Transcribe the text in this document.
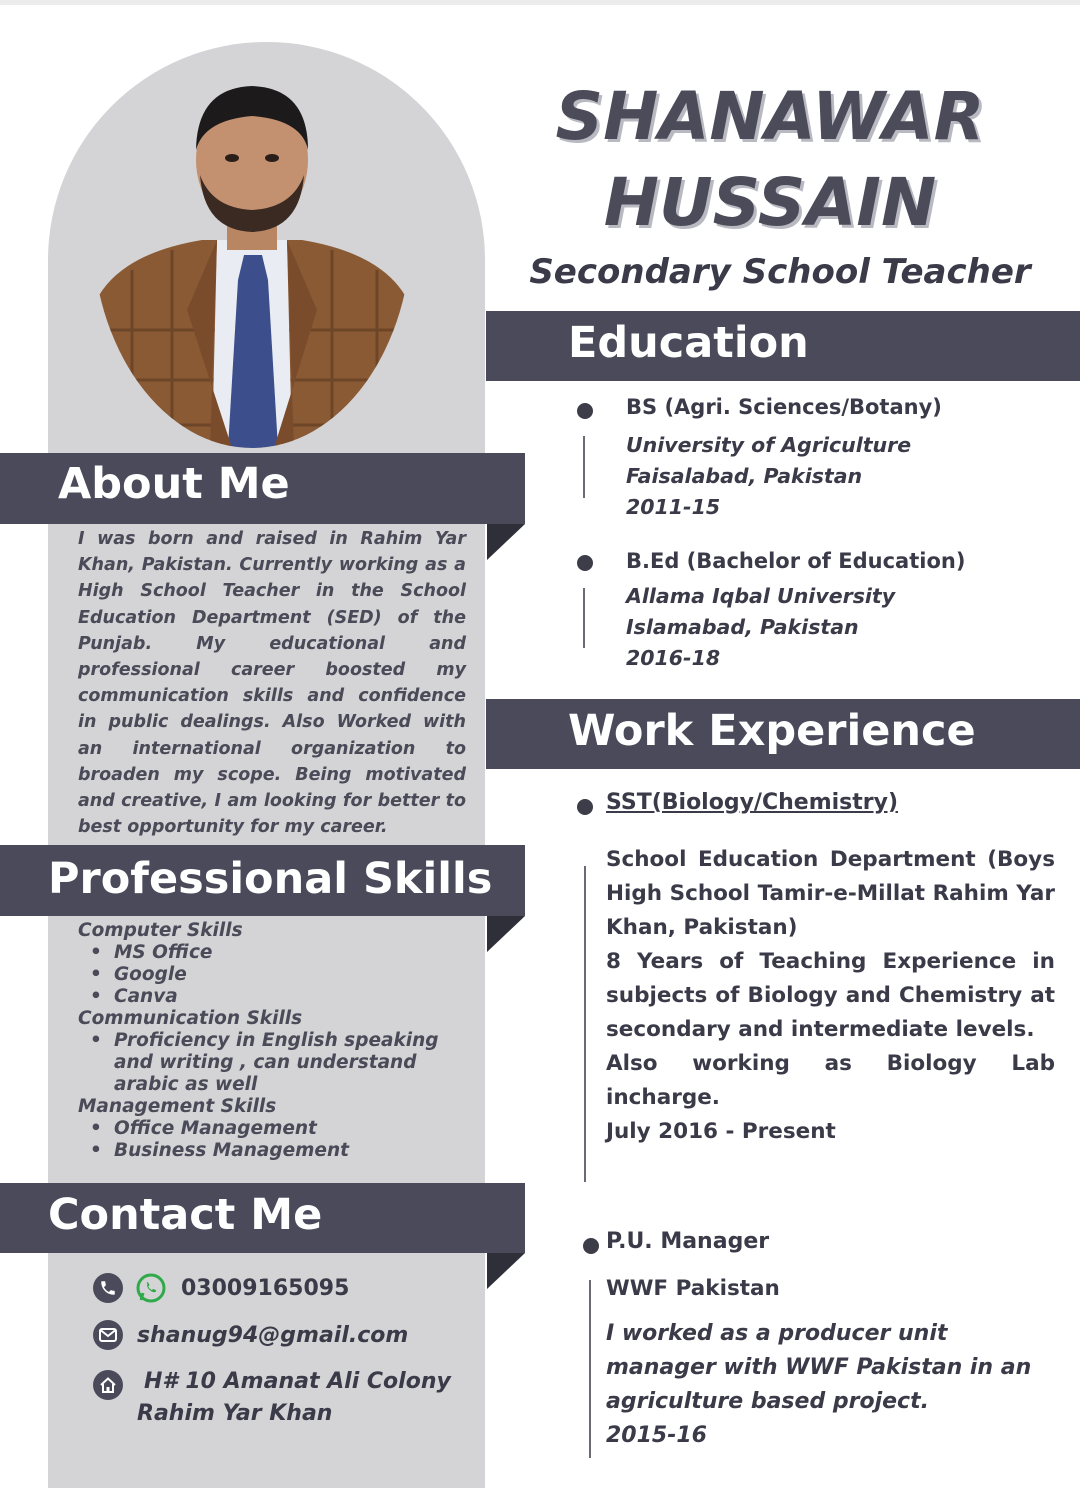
About Me
I was born and raised in Rahim Yar Khan, Pakistan. Currently working as a High School Teacher in the School Education Department (SED) of the Punjab. My educational and professional career boosted my communication skills and confidence in public dealings. Also Worked with an international organization to broaden my scope. Being motivated and creative, I am looking for better to best opportunity for my career.
Professional Skills
Computer Skills
• MS Office
• Google
• Canva
Communication Skills
• Proficiency in English speaking and writing , can understand arabic as well
Management Skills
• Office Management
• Business Management
Contact Me
03009165095
shanug94@gmail.com
H# 10 Amanat Ali Colony
Rahim Yar Khan
SHANAWAR
HUSSAIN
Secondary School Teacher
Education
BS (Agri. Sciences/Botany)
University of Agriculture
Faisalabad, Pakistan
2011-15
B.Ed (Bachelor of Education)
Allama Iqbal University
Islamabad, Pakistan
2016-18
Work Experience
SST(Biology/Chemistry)

School Education Department (Boys High School Tamir-e-Millat Rahim Yar Khan, Pakistan)

8 Years of Teaching Experience in subjects of Biology and Chemistry at secondary and intermediate levels.

Also working as Biology Lab incharge.

July 2016 - Present

P.U. Manager
WWF Pakistan

I worked as a producer unit manager with WWF Pakistan in an agriculture based project.

2015-16
